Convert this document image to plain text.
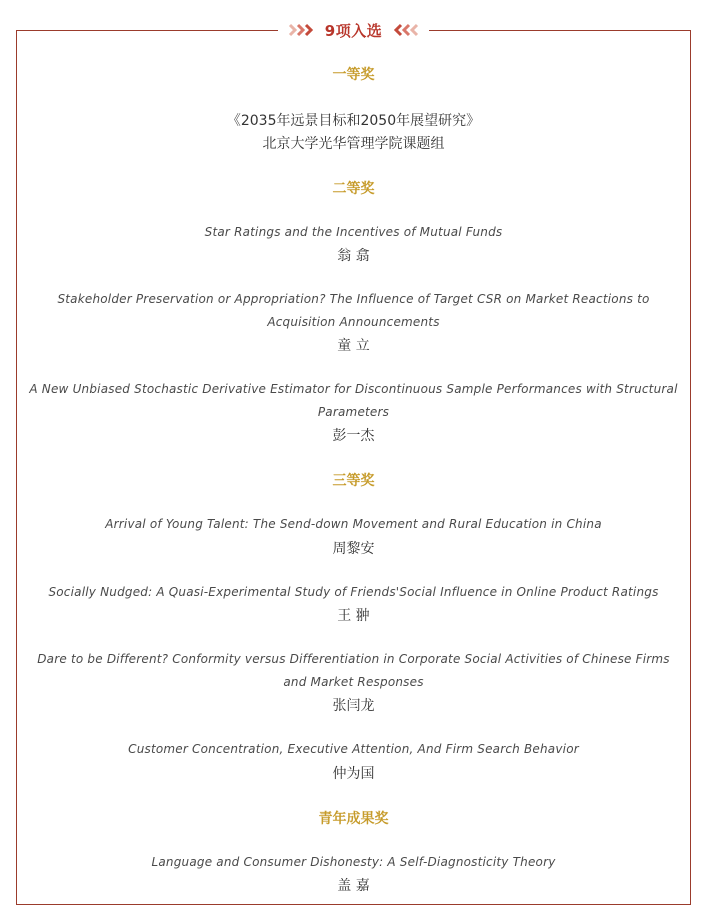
9项入选
一等奖
《2035年远景目标和2050年展望研究》
北京大学光华管理学院课题组
二等奖
Star Ratings and the Incentives of Mutual Funds
翁 翕
Stakeholder Preservation or Appropriation? The Influence of Target CSR on Market Reactions to
Acquisition Announcements
童 立
A New Unbiased Stochastic Derivative Estimator for Discontinuous Sample Performances with Structural
Parameters
彭一杰
三等奖
Arrival of Young Talent: The Send-down Movement and Rural Education in China
周黎安
Socially Nudged: A Quasi-Experimental Study of Friends'Social Influence in Online Product Ratings
王 翀
Dare to be Different? Conformity versus Differentiation in Corporate Social Activities of Chinese Firms
and Market Responses
张闫龙
Customer Concentration, Executive Attention, And Firm Search Behavior
仲为国
青年成果奖
Language and Consumer Dishonesty: A Self-Diagnosticity Theory
盖 嘉
